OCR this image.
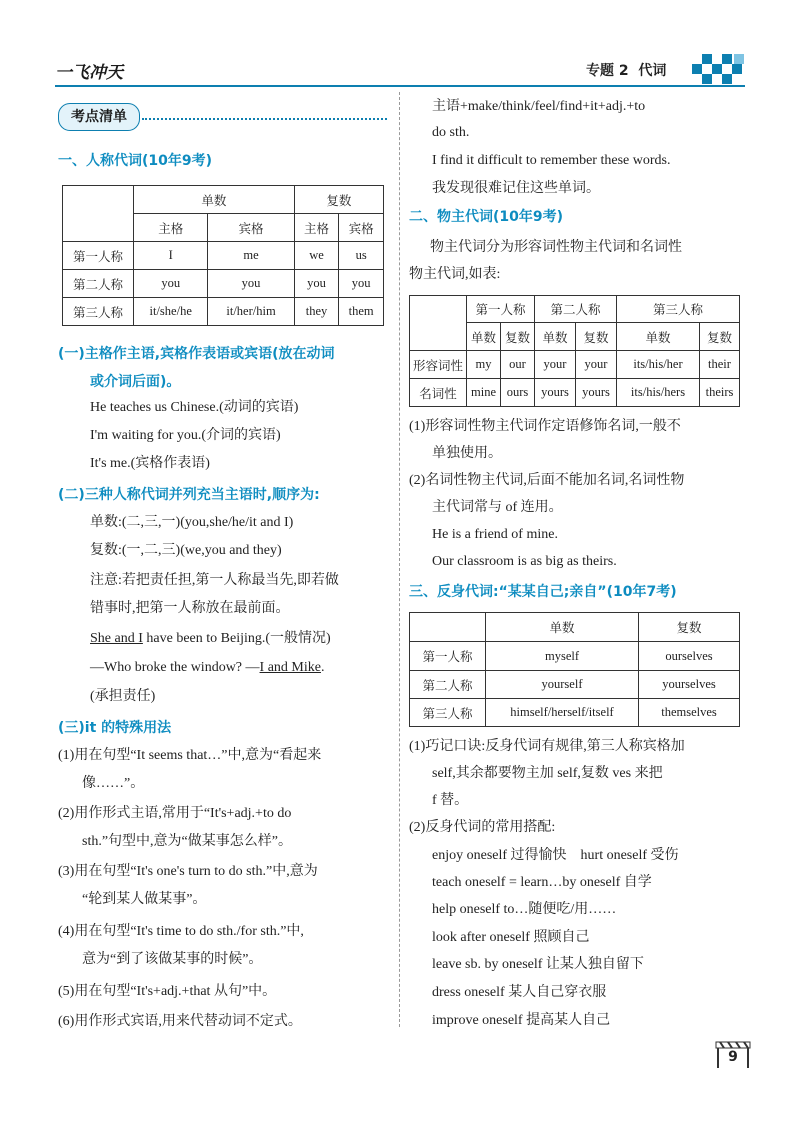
一飞冲天	专题 2 代词
考点清单
一、人称代词(10年9考)
	单数		复数	
	主格	宾格	主格	宾格
第一人称	I	me	we	us
第二人称	you	you	you	you
第三人称	it/she/he	it/her/him	they	them
(一)主格作主语,宾格作表语或宾语(放在动词
或介词后面)。
He teaches us Chinese.(动词的宾语)
I'm waiting for you.(介词的宾语)
It's me.(宾格作表语)
(二)三种人称代词并列充当主语时,顺序为:
单数:(二,三,一)(you,she/he/it and I)
复数:(一,二,三)(we,you and they)
注意:若把责任担,第一人称最当先,即若做
错事时,把第一人称放在最前面。
She and I have been to Beijing.(一般情况)
—Who broke the window? —I and Mike.
(承担责任)
(三)it 的特殊用法
(1)用在句型“It seems that…”中,意为“看起来
像……”。
(2)用作形式主语,常用于“It's+adj.+to do
sth.”句型中,意为“做某事怎么样”。
(3)用在句型“It's one's turn to do sth.”中,意为
“轮到某人做某事”。
(4)用在句型“It's time to do sth./for sth.”中,
意为“到了该做某事的时候”。
(5)用在句型“It's+adj.+that 从句”中。
(6)用作形式宾语,用来代替动词不定式。
主语+make/think/feel/find+it+adj.+to
do sth.
I find it difficult to remember these words.
我发现很难记住这些单词。
二、物主代词(10年9考)
物主代词分为形容词性物主代词和名词性
物主代词,如表:
	第一人称		第二人称		第三人称	
	单数	复数	单数	复数	单数	复数
形容词性	my	our	your	your	its/his/her	their
名词性	mine	ours	yours	yours	its/his/hers	theirs
(1)形容词性物主代词作定语修饰名词,一般不
单独使用。
(2)名词性物主代词,后面不能加名词,名词性物
主代词常与 of 连用。
He is a friend of mine.
Our classroom is as big as theirs.
三、反身代词:“某某自己;亲自”(10年7考)
	单数	复数
第一人称	myself	ourselves
第二人称	yourself	yourselves
第三人称	himself/herself/itself	themselves
(1)巧记口诀:反身代词有规律,第三人称宾格加
self,其余都要物主加 self,复数 ves 来把
f 替。
(2)反身代词的常用搭配:
enjoy oneself 过得愉快　hurt oneself 受伤
teach oneself = learn…by oneself 自学
help oneself to…随便吃/用……
look after oneself 照顾自己
leave sb. by oneself 让某人独自留下
dress oneself 某人自己穿衣服
improve oneself 提高某人自己
9
